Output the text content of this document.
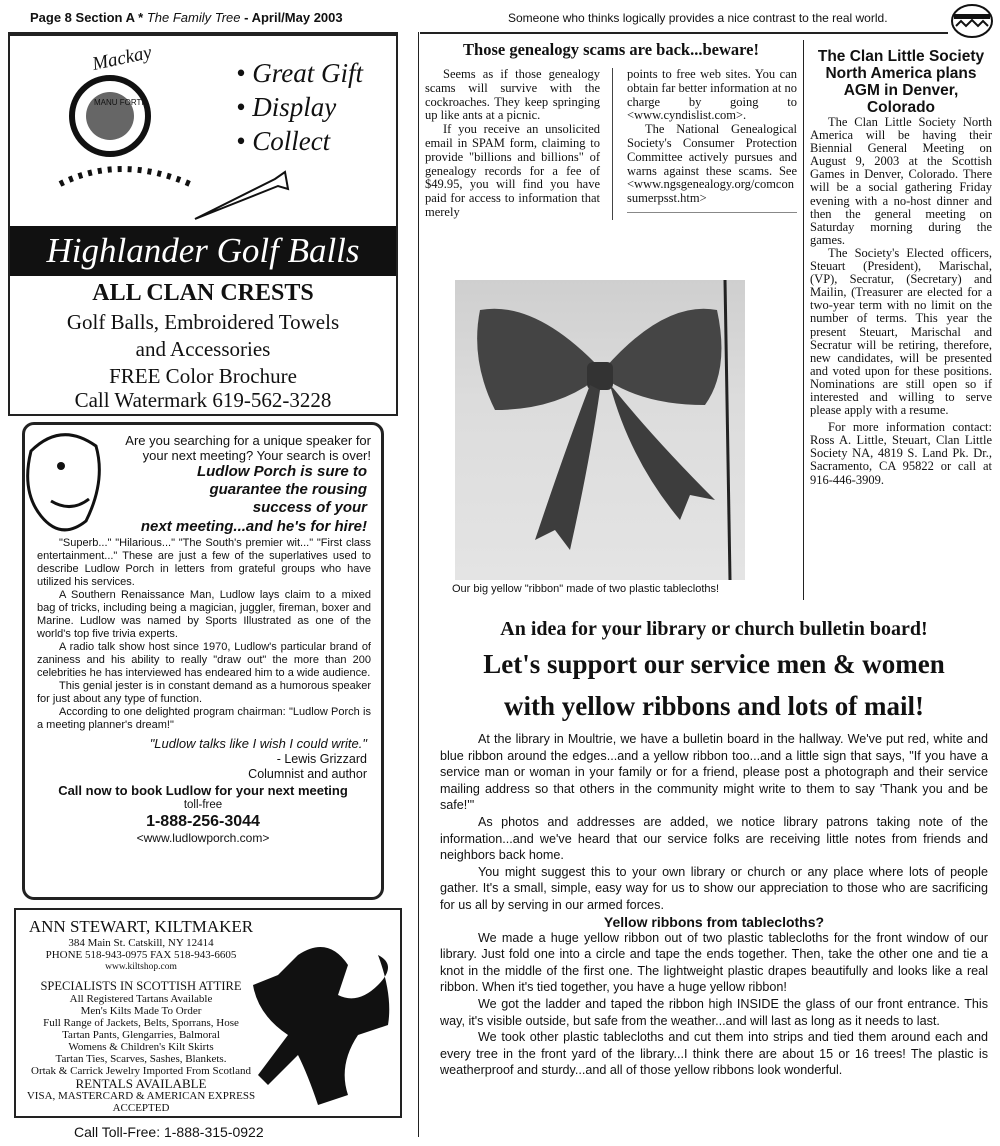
Page 8 Section A * The Family Tree - April/May 2003	Someone who thinks logically provides a nice contrast to the real world.
Mackay
MANU FORTI
• Great Gift
• Display
• Collect
Highlander Golf Balls
ALL CLAN CRESTS
Golf Balls, Embroidered Towels
and Accessories
FREE Color Brochure
Call Watermark 619-562-3228

Are you searching for a unique speaker for your next meeting? Your search is over!

Ludlow Porch is sure to

guarantee the rousing

success of your

next meeting...and he's for hire!

"Superb..." "Hilarious..." "The South's premier wit..." "First class entertainment..." These are just a few of the superlatives used to describe Ludlow Porch in letters from grateful groups who have utilized his services.

A Southern Renaissance Man, Ludlow lays claim to a mixed bag of tricks, including being a magician, juggler, fireman, boxer and Marine. Ludlow was named by Sports Illustrated as one of the world's top five trivia experts.

A radio talk show host since 1970, Ludlow's particular brand of zaniness and his ability to really "draw out" the more than 200 celebrities he has interviewed has endeared him to a wide audience.

This genial jester is in constant demand as a humorous speaker for just about any type of function.

According to one delighted program chairman: "Ludlow Porch is a meeting planner's dream!"

"Ludlow talks like I wish I could write."

- Lewis Grizzard

Columnist and author

Call now to book Ludlow for your next meeting

toll-free

1-888-256-3044

<www.ludlowporch.com>

ANN STEWART, KILTMAKER
384 Main St. Catskill, NY 12414
PHONE 518-943-0975 FAX 518-943-6605
www.kiltshop.com
SPECIALISTS IN SCOTTISH ATTIRE
All Registered Tartans Available
Men's Kilts Made To Order
Full Range of Jackets, Belts, Sporrans, Hose
Tartan Pants, Glengarries, Balmoral
Womens & Children's Kilt Skirts
Tartan Ties, Scarves, Sashes, Blankets.
Ortak & Carrick Jewelry Imported From Scotland
RENTALS AVAILABLE
VISA, MASTERCARD & AMERICAN EXPRESS
ACCEPTED
Call Toll-Free: 1-888-315-0922
Those genealogy scams are back...beware!

Seems as if those genealogy scams will survive with the cockroaches. They keep springing up like ants at a picnic.

If you receive an unsolicited email in SPAM form, claiming to provide "billions and billions" of genealogy records for a fee of $49.95, you will find you have paid for access to information that merely

points to free web sites. You can obtain far better information at no charge by going to <www.cyndislist.com>.

The National Genealogical Society's Consumer Protection Committee actively pursues and warns against these scams. See <www.ngsgenealogy.org/comconsumerpsst.htm>

Our big yellow "ribbon" made of two plastic tablecloths!
The Clan Little Society North America plans AGM in Denver, Colorado

The Clan Little Society North America will be having their Biennial General Meeting on August 9, 2003 at the Scottish Games in Denver, Colorado. There will be a social gathering Friday evening with a no-host dinner and then the general meeting on Saturday morning during the games.

The Society's Elected officers, Steuart (President), Marischal, (VP), Secratur, (Secretary) and Mailin, (Treasurer are elected for a two-year term with no limit on the number of terms. This year the present Steuart, Marischal and Secratur will be retiring, therefore, new candidates, will be presented and voted upon for these positions. Nominations are still open so if interested and willing to serve please apply with a resume.

For more information contact: Ross A. Little, Steuart, Clan Little Society NA, 4819 S. Land Pk. Dr., Sacramento, CA 95822 or call at 916-446-3909.

An idea for your library or church bulletin board!
Let's support our service men & women
with yellow ribbons and lots of mail!

At the library in Moultrie, we have a bulletin board in the hallway. We've put red, white and blue ribbon around the edges...and a yellow ribbon too...and a little sign that says, "If you have a service man or woman in your family or for a friend, please post a photograph and their service mailing address so that others in the community might write to them to say 'Thank you and be safe!'"

As photos and addresses are added, we notice library patrons taking note of the information...and we've heard that our service folks are receiving little notes from friends and neighbors back home.

You might suggest this to your own library or church or any place where lots of people gather. It's a small, simple, easy way for us to show our appreciation to those who are sacrificing for us all by serving in our armed forces.

Yellow ribbons from tablecloths?

We made a huge yellow ribbon out of two plastic tablecloths for the front window of our library. Just fold one into a circle and tape the ends together. Then, take the other one and tie a knot in the middle of the first one. The lightweight plastic drapes beautifully and looks like a real ribbon. When it's tied together, you have a huge yellow ribbon!

We got the ladder and taped the ribbon high INSIDE the glass of our front entrance. This way, it's visible outside, but safe from the weather...and will last as long as it needs to last.

We took other plastic tablecloths and cut them into strips and tied them around each and every tree in the front yard of the library...I think there are about 15 or 16 trees! The plastic is weatherproof and sturdy...and all of those yellow ribbons look wonderful.
